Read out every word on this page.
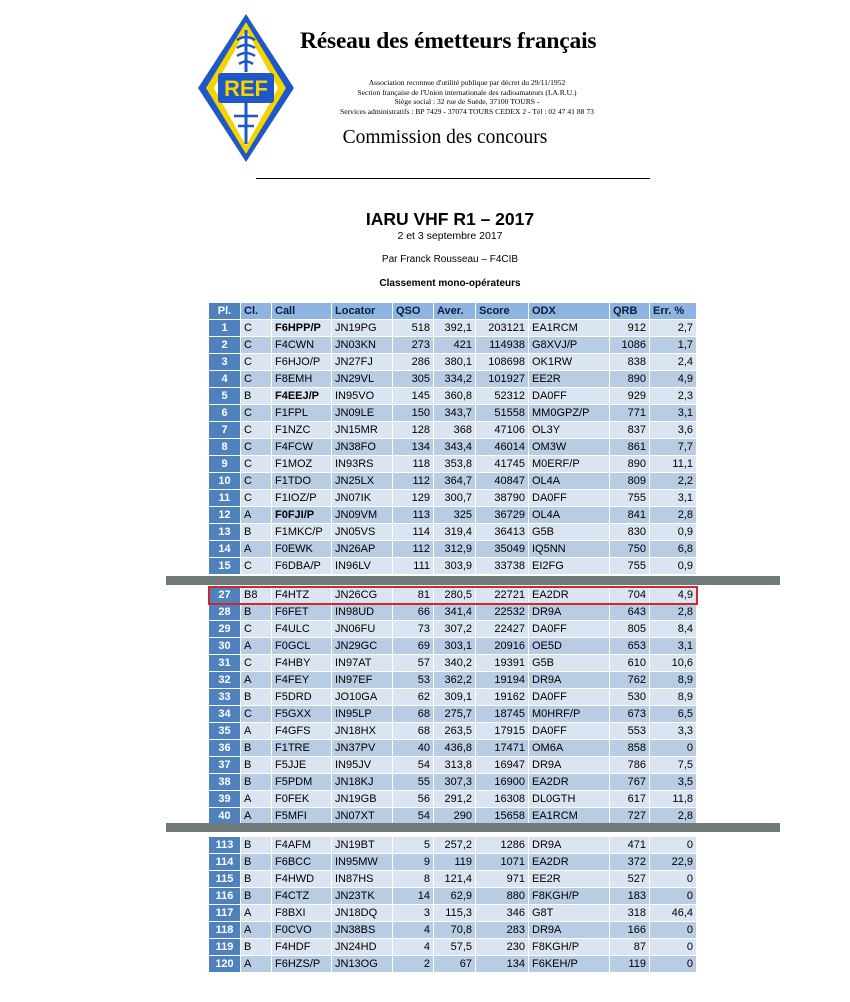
REF
Réseau des émetteurs français
Association reconnue d'utilité publique par décret du 29/11/1952
Section française de l'Union internationale des radioamateurs (I.A.R.U.)
Siège social : 32 rue de Suède, 37100 TOURS -
Services administratifs : BP 7429 - 37074 TOURS CEDEX 2 - Tél : 02 47 41 88 73
Commission des concours
IARU VHF R1 – 2017
2 et 3 septembre 2017
Par Franck Rousseau – F4CIB
Classement mono-opérateurs
Pl.	Cl.	Call	Locator	QSO	Aver.	Score	ODX	QRB	Err. %
1	C	F6HPP/P	JN19PG	518	392,1	203121 EA1RCM	912	2,7
2	C	F4CWN	JN03KN	273	421	114938 G8XVJ/P	1086	1,7
3	C	F6HJO/P	JN27FJ	286	380,1	108698 OK1RW	838	2,4
4	C	F8EMH	JN29VL	305	334,2	101927 EE2R	890	4,9
5	B	F4EEJ/P	IN95VO	145	360,8	52312 DA0FF	929	2,3
6	C	F1FPL	JN09LE	150	343,7	51558 MM0GPZ/P	771	3,1
7	C	F1NZC	JN15MR	128	368	47106 OL3Y	837	3,6
8	C	F4FCW	JN38FO	134	343,4	46014 OM3W	861	7,7
9	C	F1MOZ	IN93RS	118	353,8	41745 M0ERF/P	890	11,1
10	C	F1TDO	JN25LX	112	364,7	40847 OL4A	809	2,2
11	C	F1IOZ/P	JN07IK	129	300,7	38790 DA0FF	755	3,1
12	A	F0FJI/P	JN09VM	113	325	36729 OL4A	841	2,8
13	B	F1MKC/P	JN05VS	114	319,4	36413 G5B	830	0,9
14	A	F0EWK	JN26AP	112	312,9	35049 IQ5NN	750	6,8
15	C	F6DBA/P	IN96LV	111	303,9	33738 EI2FG	755	0,9
27	B8	F4HTZ	JN26CG	81	280,5	22721 EA2DR	704	4,9
28	B	F6FET	IN98UD	66	341,4	22532 DR9A	643	2,8
29	C	F4ULC	JN06FU	73	307,2	22427 DA0FF	805	8,4
30	A	F0GCL	JN29GC	69	303,1	20916 OE5D	653	3,1
31	C	F4HBY	IN97AT	57	340,2	19391 G5B	610	10,6
32	A	F4FEY	IN97EF	53	362,2	19194 DR9A	762	8,9
33	B	F5DRD	JO10GA	62	309,1	19162 DA0FF	530	8,9
34	C	F5GXX	IN95LP	68	275,7	18745 M0HRF/P	673	6,5
35	A	F4GFS	JN18HX	68	263,5	17915 DA0FF	553	3,3
36	B	F1TRE	JN37PV	40	436,8	17471 OM6A	858	0
37	B	F5JJE	IN95JV	54	313,8	16947 DR9A	786	7,5
38	B	F5PDM	JN18KJ	55	307,3	16900 EA2DR	767	3,5
39	A	F0FEK	JN19GB	56	291,2	16308 DL0GTH	617	11,8
40	A	F5MFI	JN07XT	54	290	15658 EA1RCM	727	2,8
113 B	F4AFM	JN19BT	5	257,2	1286 DR9A	471	0
114 B	F6BCC	IN95MW	9	119	1071 EA2DR	372	22,9
115 B	F4HWD	IN87HS	8	121,4	971 EE2R	527	0
116 B	F4CTZ	JN23TK	14	62,9	880 F8KGH/P	183	0
117 A	F8BXI	JN18DQ	3	115,3	346 G8T	318	46,4
118 A	F0CVO	JN38BS	4	70,8	283 DR9A	166	0
119 B	F4HDF	JN24HD	4	57,5	230 F8KGH/P	87	0
120 A	F6HZS/P	JN13OG	2	67	134 F6KEH/P	119	0
